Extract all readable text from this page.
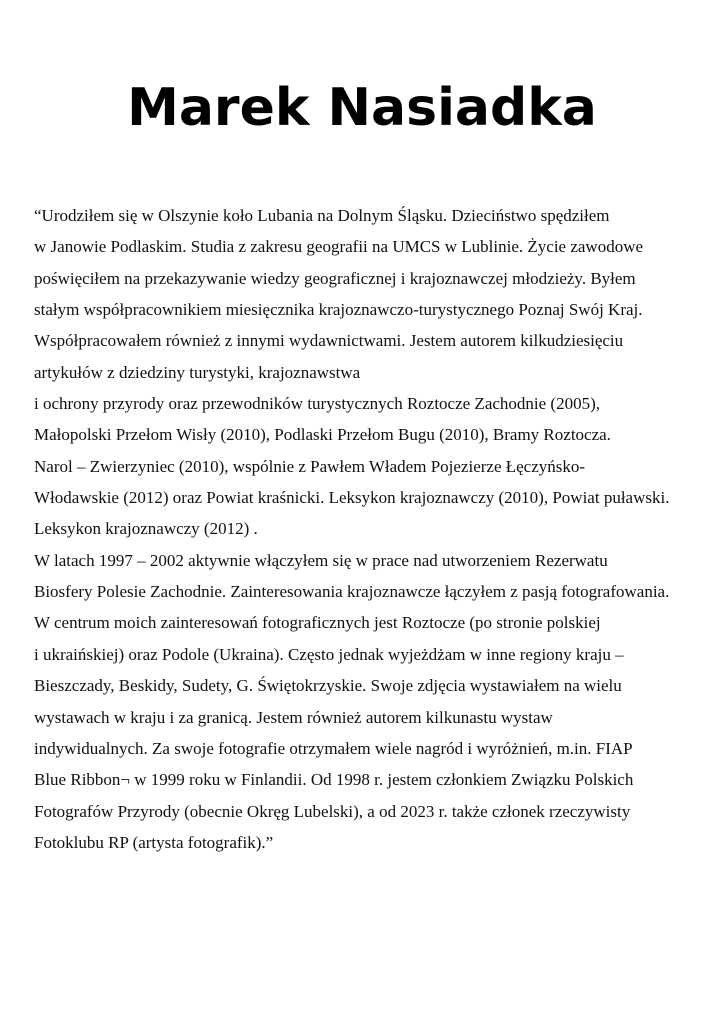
Marek Nasiadka
“Urodziłem się w Olszynie koło Lubania na Dolnym Śląsku. Dzieciństwo spędziłem
w Janowie Podlaskim. Studia z zakresu geografii na UMCS w Lublinie. Życie zawodowe
poświęciłem na przekazywanie wiedzy geograficznej i krajoznawczej młodzieży. Byłem
stałym współpracownikiem miesięcznika krajoznawczo-turystycznego Poznaj Swój Kraj.
Współpracowałem również z innymi wydawnictwami. Jestem autorem kilkudziesięciu
artykułów z dziedziny turystyki, krajoznawstwa
i ochrony przyrody oraz przewodników turystycznych Roztocze Zachodnie (2005),
Małopolski Przełom Wisły (2010), Podlaski Przełom Bugu (2010), Bramy Roztocza.
Narol – Zwierzyniec (2010), wspólnie z Pawłem Władem Pojezierze Łęczyńsko-
Włodawskie (2012) oraz Powiat kraśnicki. Leksykon krajoznawczy (2010), Powiat puławski.
Leksykon krajoznawczy (2012) .
W latach 1997 – 2002 aktywnie włączyłem się w prace nad utworzeniem Rezerwatu
Biosfery Polesie Zachodnie. Zainteresowania krajoznawcze łączyłem z pasją fotografowania.
W centrum moich zainteresowań fotograficznych jest Roztocze (po stronie polskiej
i ukraińskiej) oraz Podole (Ukraina). Często jednak wyjeżdżam w inne regiony kraju –
Bieszczady, Beskidy, Sudety, G. Świętokrzyskie. Swoje zdjęcia wystawiałem na wielu
wystawach w kraju i za granicą. Jestem również autorem kilkunastu wystaw
indywidualnych. Za swoje fotografie otrzymałem wiele nagród i wyróżnień, m.in. FIAP
Blue Ribbon¬ w 1999 roku w Finlandii. Od 1998 r. jestem członkiem Związku Polskich
Fotografów Przyrody (obecnie Okręg Lubelski), a od 2023 r. także członek rzeczywisty
Fotoklubu RP (artysta fotografik).”
